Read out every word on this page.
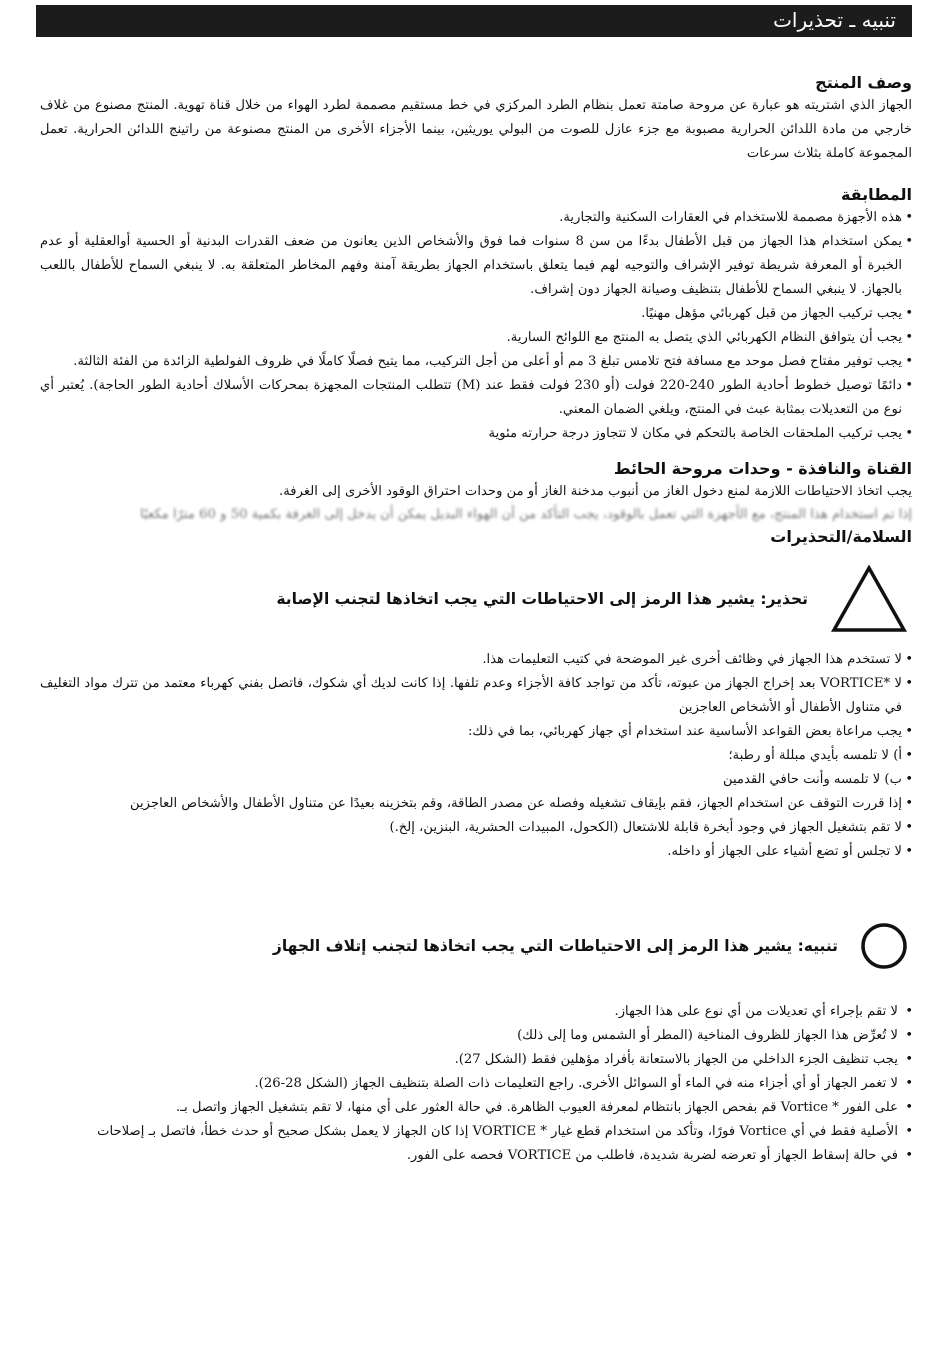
تنبيه ـ تحذيرات
وصف المنتج

الجهاز الذي اشتريته هو عبارة عن مروحة صامتة تعمل بنظام الطرد المركزي في خط مستقيم مصممة لطرد الهواء من خلال قناة تهوية. المنتج مصنوع من غلاف خارجي من مادة اللدائن الحرارية مصبوبة مع جزء عازل للصوت من البولي يوريثين، بينما الأجزاء الأخرى من المنتج مصنوعة من راتينج اللدائن الحرارية. تعمل المجموعة كاملة بثلاث سرعات

المطابقة
• هذه الأجهزة مصممة للاستخدام في العقارات السكنية والتجارية.
• يمكن استخدام هذا الجهاز من قبل الأطفال بدءًا من سن 8 سنوات فما فوق والأشخاص الذين يعانون من ضعف القدرات البدنية أو الحسية أوالعقلية أو عدم الخبرة أو المعرفة شريطة توفير الإشراف والتوجيه لهم فيما يتعلق باستخدام الجهاز بطريقة آمنة وفهم المخاطر المتعلقة به. لا ينبغي السماح للأطفال باللعب بالجهاز. لا ينبغي السماح للأطفال بتنظيف وصيانة الجهاز دون إشراف.
• يجب تركيب الجهاز من قبل كهربائي مؤهل مهنيًا.
• يجب أن يتوافق النظام الكهربائي الذي يتصل به المنتج مع اللوائح السارية.
• يجب توفير مفتاح فصل موحد مع مسافة فتح تلامس تبلغ 3 مم أو أعلى من أجل التركيب، مما يتيح فصلًا كاملًا في ظروف الفولطية الزائدة من الفئة الثالثة.
• دائمًا توصيل خطوط أحادية الطور 240-220 فولت (أو 230 فولت فقط عند (M) تتطلب المنتجات المجهزة بمحركات الأسلاك أحادية الطور الحاجة). يُعتبر أي نوع من التعديلات بمثابة عبث في المنتج، ويلغي الضمان المعني.
• يجب تركيب الملحقات الخاصة بالتحكم في مكان لا تتجاوز درجة حرارته مئوية
القناة والنافذة - وحدات مروحة الحائط

يجب اتخاذ الاحتياطات اللازمة لمنع دخول الغاز من أنبوب مدخنة الغاز أو من وحدات احتراق الوقود الأخرى إلى الغرفة.

إذا تم استخدام هذا المنتج، مع الأجهزة التي تعمل بالوقود، يجب التأكد من أن الهواء البديل يمكن أن يدخل إلى الغرفة بكمية 50 و 60 مترًا مكعبًا
السلامة/التحذيرات
تحذير: يشير هذا الرمز إلى الاحتياطات التي يجب اتخاذها لتجنب الإصابة
• لا تستخدم هذا الجهاز في وظائف أخرى غير الموضحة في كتيب التعليمات هذا.
• لا *VORTICE بعد إخراج الجهاز من عبوته، تأكد من تواجد كافة الأجزاء وعدم تلفها. إذا كانت لديك أي شكوك، فاتصل بفني كهرباء معتمد من تترك مواد التغليف في متناول الأطفال أو الأشخاص العاجزين
• يجب مراعاة بعض القواعد الأساسية عند استخدام أي جهاز كهربائي، بما في ذلك:
• أ) لا تلمسه بأيدي مبللة أو رطبة؛
• ب) لا تلمسه وأنت حافي القدمين
• إذا قررت التوقف عن استخدام الجهاز، فقم بإيقاف تشغيله وفصله عن مصدر الطاقة، وقم بتخزينه بعيدًا عن متناول الأطفال والأشخاص العاجزين
• لا تقم بتشغيل الجهاز في وجود أبخرة قابلة للاشتعال (الكحول، المبيدات الحشرية، البنزين، إلخ.)
• لا تجلس أو تضع أشياء على الجهاز أو داخله.
تنبيه: يشير هذا الرمز إلى الاحتياطات التي يجب اتخاذها لتجنب إتلاف الجهاز
• لا تقم بإجراء أي تعديلات من أي نوع على هذا الجهاز.
• لا تُعرِّض هذا الجهاز للظروف المناخية (المطر أو الشمس وما إلى ذلك)
• يجب تنظيف الجزء الداخلي من الجهاز بالاستعانة بأفراد مؤهلين فقط (الشكل 27).
• لا تغمر الجهاز أو أي أجزاء منه في الماء أو السوائل الأخرى. راجع التعليمات ذات الصلة بتنظيف الجهاز (الشكل 28-26).
• على الفور * Vortice قم بفحص الجهاز بانتظام لمعرفة العيوب الظاهرة. في حالة العثور على أي منها، لا تقم بتشغيل الجهاز واتصل بـ.
• الأصلية فقط في أي Vortice فورًا، وتأكد من استخدام قطع غيار * VORTICE إذا كان الجهاز لا يعمل بشكل صحيح أو حدث خطأ، فاتصل بـ إصلاحات
• في حالة إسقاط الجهاز أو تعرضه لضربة شديدة، فاطلب من VORTICE فحصه على الفور.
